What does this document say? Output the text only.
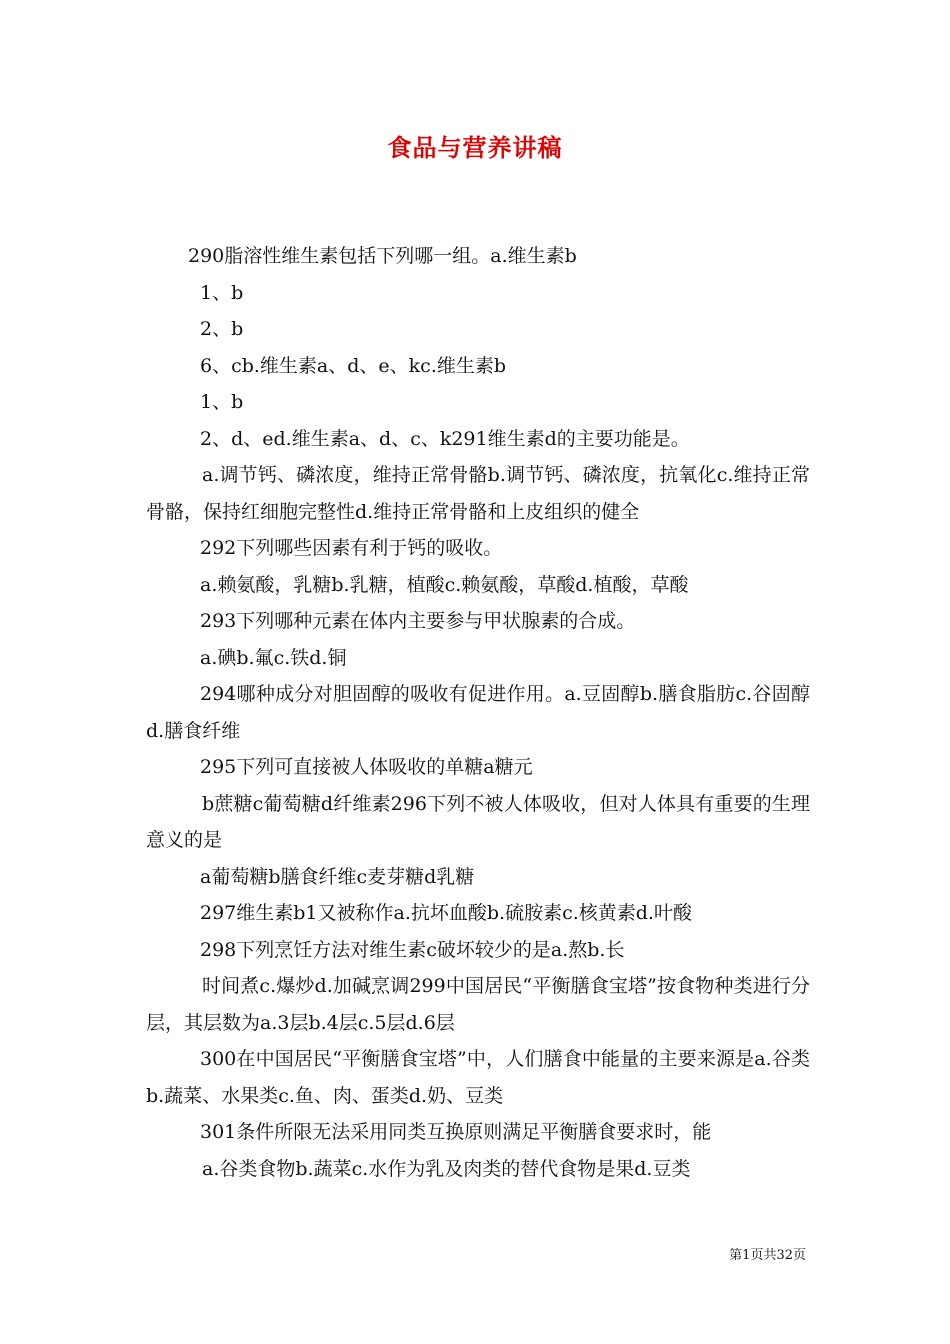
食品与营养讲稿

290脂溶性维生素包括下列哪一组。a.维生素b

1、b

2、b

6、cb.维生素a、d、e、kc.维生素b

1、b

2、d、ed.维生素a、d、c、k291维生素d的主要功能是。

a.调节钙、磷浓度，维持正常骨骼b.调节钙、磷浓度，抗氧化c.维持正常骨骼，保持红细胞完整性d.维持正常骨骼和上皮组织的健全

292下列哪些因素有利于钙的吸收。

a.赖氨酸，乳糖b.乳糖，植酸c.赖氨酸，草酸d.植酸，草酸

293下列哪种元素在体内主要参与甲状腺素的合成。

a.碘b.氟c.铁d.铜

294哪种成分对胆固醇的吸收有促进作用。a.豆固醇b.膳食脂肪c.谷固醇d.膳食纤维

295下列可直接被人体吸收的单糖a糖元

b蔗糖c葡萄糖d纤维素296下列不被人体吸收，但对人体具有重要的生理意义的是

a葡萄糖b膳食纤维c麦芽糖d乳糖

297维生素b1又被称作a.抗坏血酸b.硫胺素c.核黄素d.叶酸

298下列烹饪方法对维生素c破坏较少的是a.熬b.长

时间煮c.爆炒d.加碱烹调299中国居民“平衡膳食宝塔”按食物种类进行分层，其层数为a.3层b.4层c.5层d.6层

300在中国居民“平衡膳食宝塔”中，人们膳食中能量的主要来源是a.谷类b.蔬菜、水果类c.鱼、肉、蛋类d.奶、豆类

301条件所限无法采用同类互换原则满足平衡膳食要求时，能

a.谷类食物b.蔬菜c.水作为乳及肉类的替代食物是果d.豆类

第1页共32页
